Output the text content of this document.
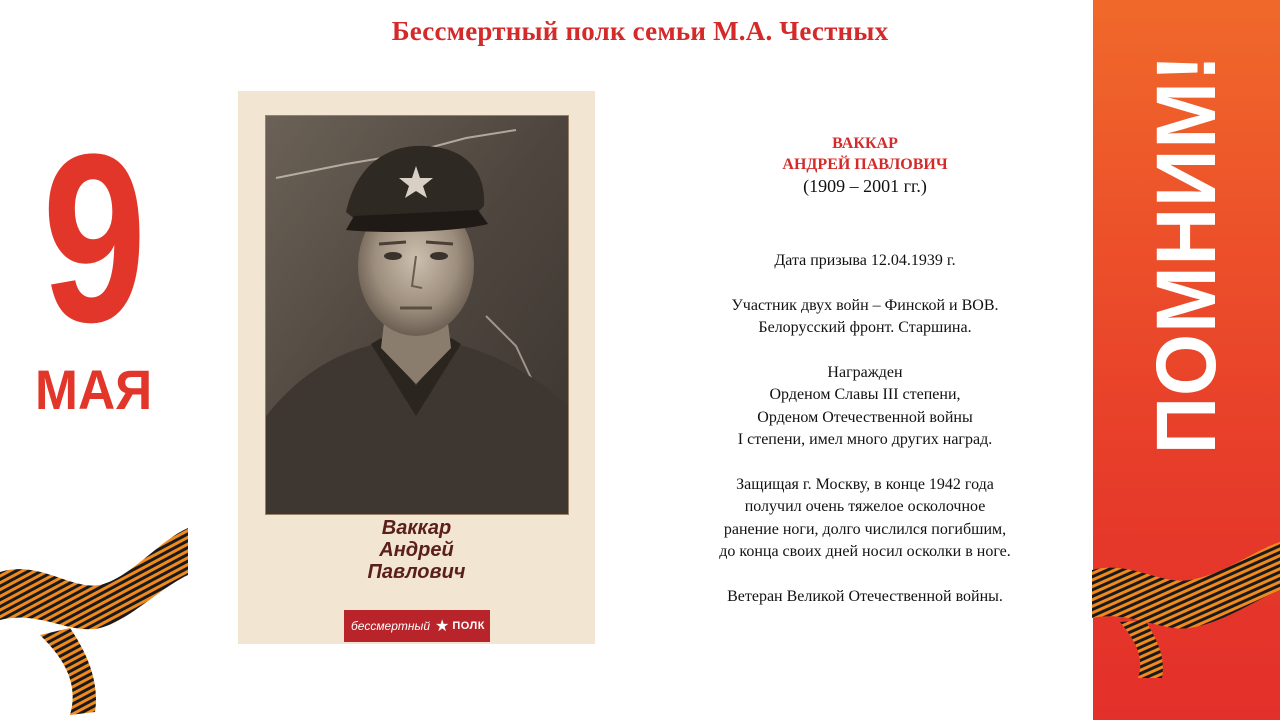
Бессмертный полк семьи М.А. Честных
9
МАЯ	ПОМНИМ!
Ваккар
Андрей
Павлович
бессмертный ★ ПОЛК
ВАККАР
АНДРЕЙ ПАВЛОВИЧ
(1909 – 2001 гг.)
Дата призыва 12.04.1939 г.
Участник двух войн – Финской и ВОВ.
Белорусский фронт. Старшина.
Награжден
Орденом Славы III степени,
Орденом Отечественной войны
I степени, имел много других наград.
Защищая г. Москву, в конце 1942 года
получил очень тяжелое осколочное
ранение ноги, долго числился погибшим,
до конца своих дней носил осколки в ноге.
Ветеран Великой Отечественной войны.
